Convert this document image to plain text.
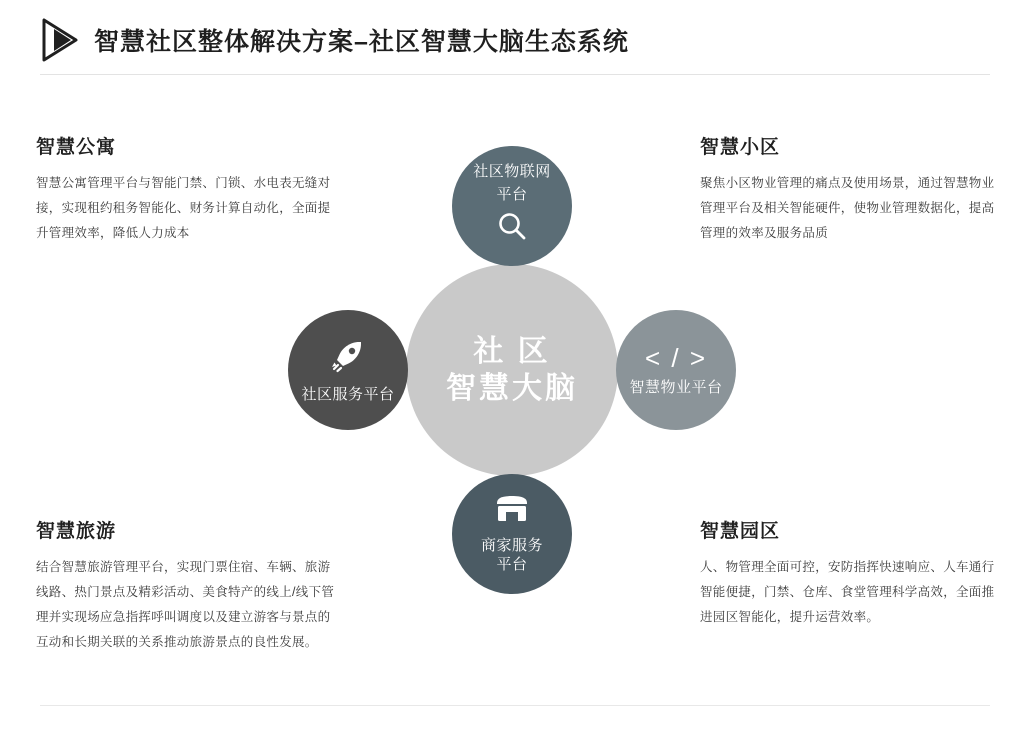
智慧社区整体解决方案–社区智慧大脑生态系统
社 区
智慧大脑
社区物联网
平台
社区服务平台
< / >
智慧物业平台
商家服务
平台
智慧公寓
智慧公寓管理平台与智能门禁、门锁、水电表无缝对接，实现租约租务智能化、财务计算自动化，全面提升管理效率，降低人力成本
智慧小区
聚焦小区物业管理的痛点及使用场景，通过智慧物业管理平台及相关智能硬件，使物业管理数据化，提高管理的效率及服务品质
智慧旅游
结合智慧旅游管理平台，实现门票住宿、车辆、旅游线路、热门景点及精彩活动、美食特产的线上/线下管理并实现场应急指挥呼叫调度以及建立游客与景点的互动和长期关联的关系推动旅游景点的良性发展。
智慧园区
人、物管理全面可控，安防指挥快速响应、人车通行智能便捷，门禁、仓库、食堂管理科学高效，全面推进园区智能化，提升运营效率。
